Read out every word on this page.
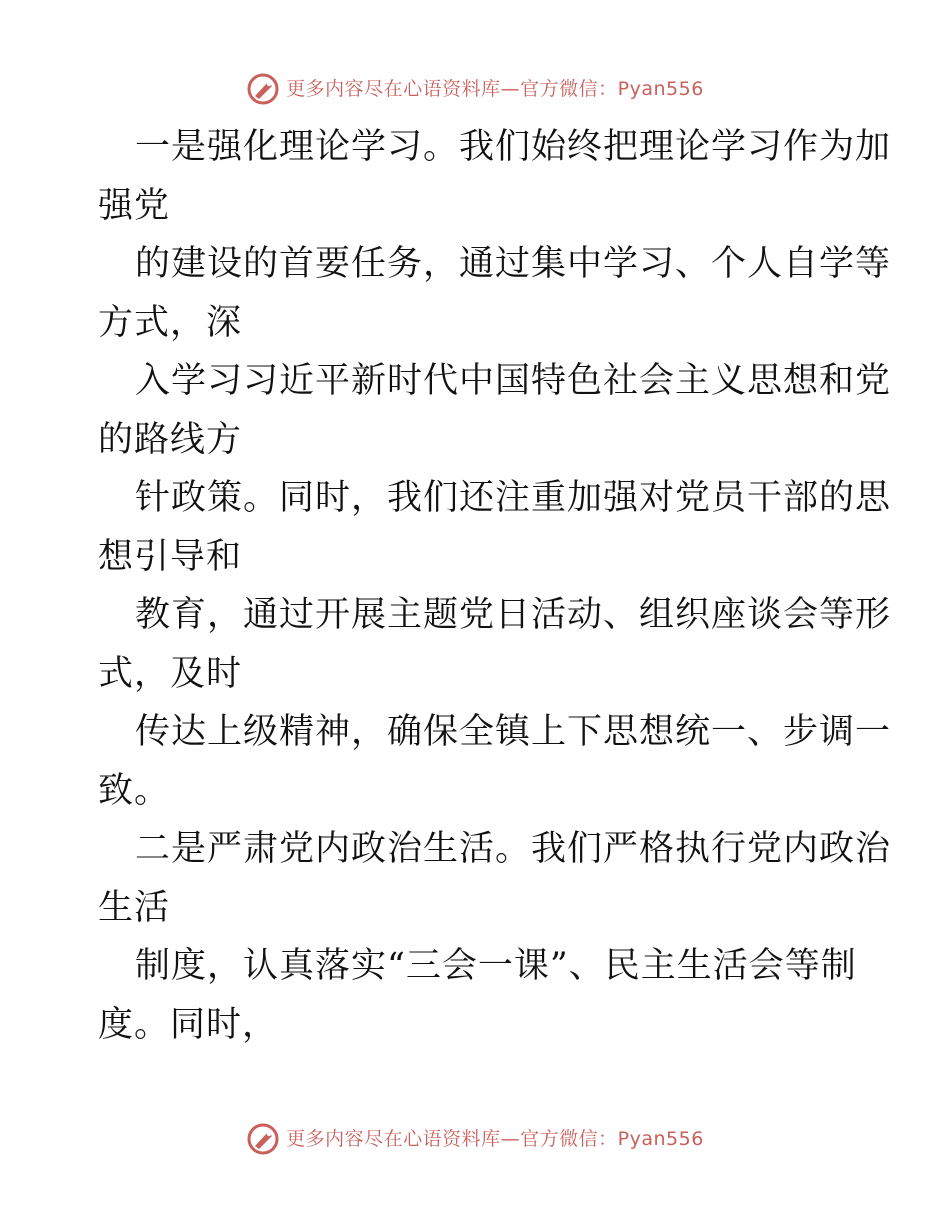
更多内容尽在心语资料库—官方微信：Pyan556
一是强化理论学习。我们始终把理论学习作为加
强党
的建设的首要任务，通过集中学习、个人自学等
方式，深
入学习习近平新时代中国特色社会主义思想和党
的路线方
针政策。同时，我们还注重加强对党员干部的思
想引导和
教育，通过开展主题党日活动、组织座谈会等形
式，及时
传达上级精神，确保全镇上下思想统一、步调一
致。
二是严肃党内政治生活。我们严格执行党内政治
生活
制度，认真落实“三会一课”、民主生活会等制
度。同时，
更多内容尽在心语资料库—官方微信：Pyan556
